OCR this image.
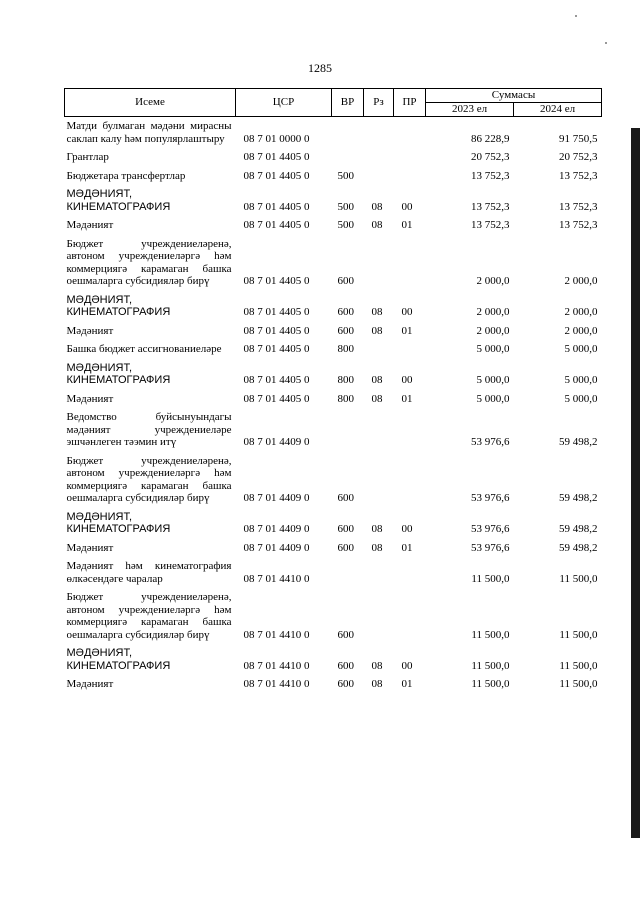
1285
Исеме	ЦСР	ВР	Рз	ПР	Суммасы	
					2023 ел	2024 ел
Матди булмаган мәдәни мирасны саклап калу һәм популярлаштыру	08 7 01 0000 0				86 228,9	91 750,5
Грантлар	08 7 01 4405 0				20 752,3	20 752,3
Бюджетара трансфертлар	08 7 01 4405 0	500			13 752,3	13 752,3
МӘДӘНИЯТ, КИНЕМАТОГРАФИЯ	08 7 01 4405 0	500	08	00	13 752,3	13 752,3
Мәдәният	08 7 01 4405 0	500	08	01	13 752,3	13 752,3
Бюджет учреждениеләренә, автоном учреждениеләргә һәм коммерциягә карамаган башка оешмаларга субсидияләр бирү	08 7 01 4405 0	600			2 000,0	2 000,0
МӘДӘНИЯТ, КИНЕМАТОГРАФИЯ	08 7 01 4405 0	600	08	00	2 000,0	2 000,0
Мәдәният	08 7 01 4405 0	600	08	01	2 000,0	2 000,0
Башка бюджет ассигнованиеләре	08 7 01 4405 0	800			5 000,0	5 000,0
МӘДӘНИЯТ, КИНЕМАТОГРАФИЯ	08 7 01 4405 0	800	08	00	5 000,0	5 000,0
Мәдәният	08 7 01 4405 0	800	08	01	5 000,0	5 000,0
Ведомство буйсынуындагы мәдәният учреждениеләре эшчәнлеген тәэмин итү	08 7 01 4409 0				53 976,6	59 498,2
Бюджет учреждениеләренә, автоном учреждениеләргә һәм коммерциягә карамаган башка оешмаларга субсидияләр бирү	08 7 01 4409 0	600			53 976,6	59 498,2
МӘДӘНИЯТ, КИНЕМАТОГРАФИЯ	08 7 01 4409 0	600	08	00	53 976,6	59 498,2
Мәдәният	08 7 01 4409 0	600	08	01	53 976,6	59 498,2
Мәдәният һәм кинематография өлкәсендәге чаралар	08 7 01 4410 0				11 500,0	11 500,0
Бюджет учреждениеләренә, автоном учреждениеләргә һәм коммерциягә карамаган башка оешмаларга субсидияләр бирү	08 7 01 4410 0	600			11 500,0	11 500,0
МӘДӘНИЯТ, КИНЕМАТОГРАФИЯ	08 7 01 4410 0	600	08	00	11 500,0	11 500,0
Мәдәният	08 7 01 4410 0	600	08	01	11 500,0	11 500,0
